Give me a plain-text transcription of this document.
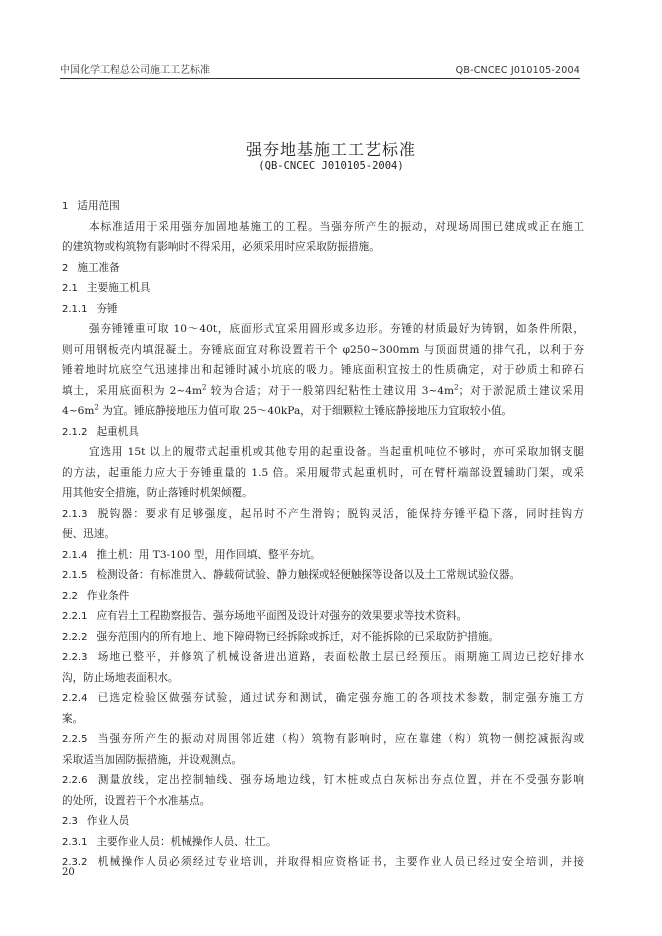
中国化学工程总公司施工工艺标准	QB-CNCEC J010105-2004
强夯地基施工工艺标准
(QB-CNCEC J010105-2004)
1 适用范围
本标准适用于采用强夯加固地基施工的工程。当强夯所产生的振动，对现场周围已建成或正在施工
的建筑物或构筑物有影响时不得采用，必须采用时应采取防振措施。
2 施工准备
2.1 主要施工机具
2.1.1 夯锤
强夯锤锤重可取 10～40t，底面形式宜采用圆形或多边形。夯锤的材质最好为铸钢，如条件所限，
则可用钢板壳内填混凝土。夯锤底面宜对称设置若干个 φ250~300mm 与顶面贯通的排气孔，以利于夯
锤着地时坑底空气迅速排出和起锤时减小坑底的吸力。锤底面积宜按土的性质确定，对于砂质土和碎石
填土，采用底面积为 $2\sim 4m^2$ 较为合适；对于一般第四纪粘性土建议用 $3\sim 4m^2$；对于淤泥质土建议采用
$4\sim 6m^2$ 为宜。锤底静接地压力值可取 25～40kPa，对于细颗粒土锤底静接地压力宜取较小值。
2.1.2 起重机具
宜选用 15t 以上的履带式起重机或其他专用的起重设备。当起重机吨位不够时，亦可采取加钢支腿
的方法，起重能力应大于夯锤重量的 1.5 倍。采用履带式起重机时，可在臂杆端部设置辅助门架，或采
用其他安全措施，防止落锤时机架倾覆。
2.1.3 脱钩器：要求有足够强度，起吊时不产生滑钩；脱钩灵活，能保持夯锤平稳下落，同时挂钩方
便、迅速。
2.1.4 推土机：用 T3-100 型，用作回填、整平夯坑。
2.1.5 检测设备：有标准贯入、静载荷试验、静力触探或轻便触探等设备以及土工常规试验仪器。
2.2 作业条件
2.2.1 应有岩土工程勘察报告、强夯场地平面图及设计对强夯的效果要求等技术资料。
2.2.2 强夯范围内的所有地上、地下障碍物已经拆除或拆迁，对不能拆除的已采取防护措施。
2.2.3 场地已整平，并修筑了机械设备进出道路，表面松散土层已经预压。雨期施工周边已挖好排水
沟，防止场地表面积水。
2.2.4 已选定检验区做强夯试验，通过试夯和测试，确定强夯施工的各项技术参数，制定强夯施工方
案。
2.2.5 当强夯所产生的振动对周围邻近建（构）筑物有影响时，应在靠建（构）筑物一侧挖减振沟或
采取适当加固防振措施，并设观测点。
2.2.6 测量放线，定出控制轴线、强夯场地边线，钉木桩或点白灰标出夯点位置，并在不受强夯影响
的处所，设置若干个水准基点。
2.3 作业人员
2.3.1 主要作业人员：机械操作人员、壮工。
2.3.2 机械操作人员必须经过专业培训，并取得相应资格证书，主要作业人员已经过安全培训，并接
20
